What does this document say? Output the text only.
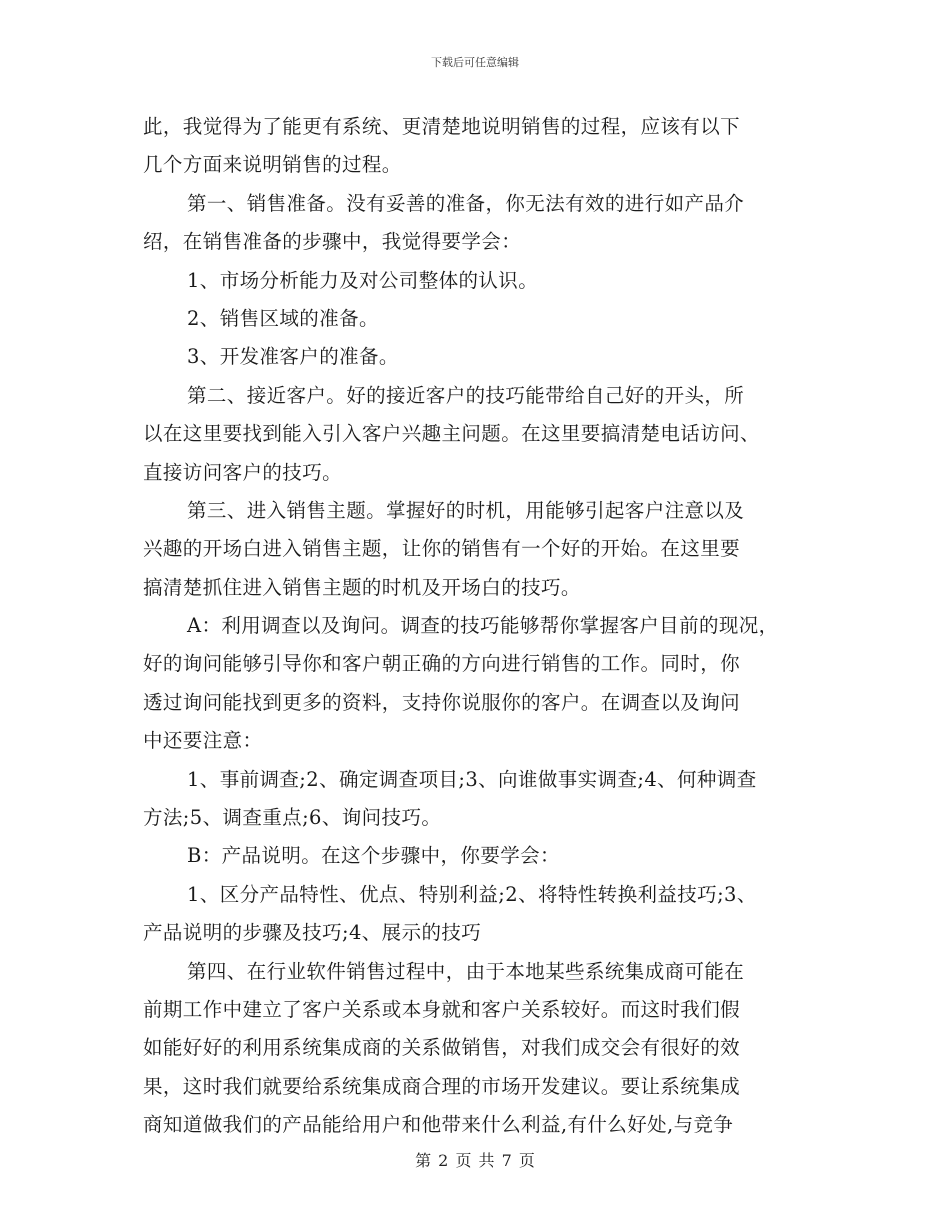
下载后可任意编辑
此，我觉得为了能更有系统、更清楚地说明销售的过程，应该有以下
几个方面来说明销售的过程。
第一、销售准备。没有妥善的准备，你无法有效的进行如产品介
绍，在销售准备的步骤中，我觉得要学会：
1、市场分析能力及对公司整体的认识。
2、销售区域的准备。
3、开发准客户的准备。
第二、接近客户。好的接近客户的技巧能带给自己好的开头，所
以在这里要找到能入引入客户兴趣主问题。在这里要搞清楚电话访问、
直接访问客户的技巧。
第三、进入销售主题。掌握好的时机，用能够引起客户注意以及
兴趣的开场白进入销售主题，让你的销售有一个好的开始。在这里要
搞清楚抓住进入销售主题的时机及开场白的技巧。
A：利用调查以及询问。调查的技巧能够帮你掌握客户目前的现况，
好的询问能够引导你和客户朝正确的方向进行销售的工作。同时，你
透过询问能找到更多的资料，支持你说服你的客户。在调查以及询问
中还要注意：
1、事前调查;2、确定调查项目;3、向谁做事实调查;4、何种调查
方法;5、调查重点;6、询问技巧。
B：产品说明。在这个步骤中，你要学会：
1、区分产品特性、优点、特别利益;2、将特性转换利益技巧;3、
产品说明的步骤及技巧;4、展示的技巧
第四、在行业软件销售过程中，由于本地某些系统集成商可能在
前期工作中建立了客户关系或本身就和客户关系较好。而这时我们假
如能好好的利用系统集成商的关系做销售，对我们成交会有很好的效
果，这时我们就要给系统集成商合理的市场开发建议。要让系统集成
商知道做我们的产品能给用户和他带来什么利益,有什么好处,与竞争
第 2 页 共 7 页
